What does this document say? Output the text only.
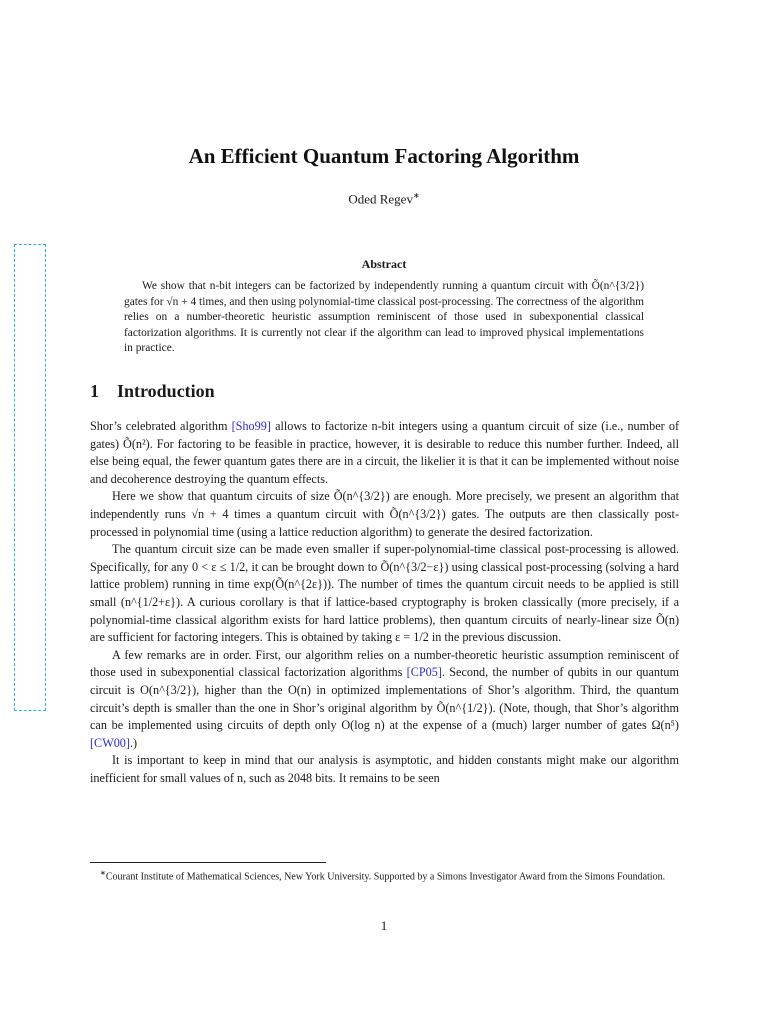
An Efficient Quantum Factoring Algorithm
Oded Regev∗
Abstract
We show that n-bit integers can be factorized by independently running a quantum circuit with Õ(n^{3/2}) gates for √n + 4 times, and then using polynomial-time classical post-processing. The correctness of the algorithm relies on a number-theoretic heuristic assumption reminiscent of those used in subexponential classical factorization algorithms. It is currently not clear if the algorithm can lead to improved physical implementations in practice.
1 Introduction

Shor’s celebrated algorithm [Sho99] allows to factorize n-bit integers using a quantum circuit of size (i.e., number of gates) Õ(n²). For factoring to be feasible in practice, however, it is desirable to reduce this number further. Indeed, all else being equal, the fewer quantum gates there are in a circuit, the likelier it is that it can be implemented without noise and decoherence destroying the quantum effects.

Here we show that quantum circuits of size Õ(n^{3/2}) are enough. More precisely, we present an algorithm that independently runs √n + 4 times a quantum circuit with Õ(n^{3/2}) gates. The outputs are then classically post-processed in polynomial time (using a lattice reduction algorithm) to generate the desired factorization.

The quantum circuit size can be made even smaller if super-polynomial-time classical post-processing is allowed. Specifically, for any 0 < ε ≤ 1/2, it can be brought down to Õ(n^{3/2−ε}) using classical post-processing (solving a hard lattice problem) running in time exp(Õ(n^{2ε})). The number of times the quantum circuit needs to be applied is still small (n^{1/2+ε}). A curious corollary is that if lattice-based cryptography is broken classically (more precisely, if a polynomial-time classical algorithm exists for hard lattice problems), then quantum circuits of nearly-linear size Õ(n) are sufficient for factoring integers. This is obtained by taking ε = 1/2 in the previous discussion.

A few remarks are in order. First, our algorithm relies on a number-theoretic heuristic assumption reminiscent of those used in subexponential classical factorization algorithms [CP05]. Second, the number of qubits in our quantum circuit is O(n^{3/2}), higher than the O(n) in optimized implementations of Shor’s algorithm. Third, the quantum circuit’s depth is smaller than the one in Shor’s original algorithm by Õ(n^{1/2}). (Note, though, that Shor’s algorithm can be implemented using circuits of depth only O(log n) at the expense of a (much) larger number of gates Ω(n⁵) [CW00].)

It is important to keep in mind that our analysis is asymptotic, and hidden constants might make our algorithm inefficient for small values of n, such as 2048 bits. It remains to be seen

∗Courant Institute of Mathematical Sciences, New York University. Supported by a Simons Investigator Award from the Simons Foundation.
1
